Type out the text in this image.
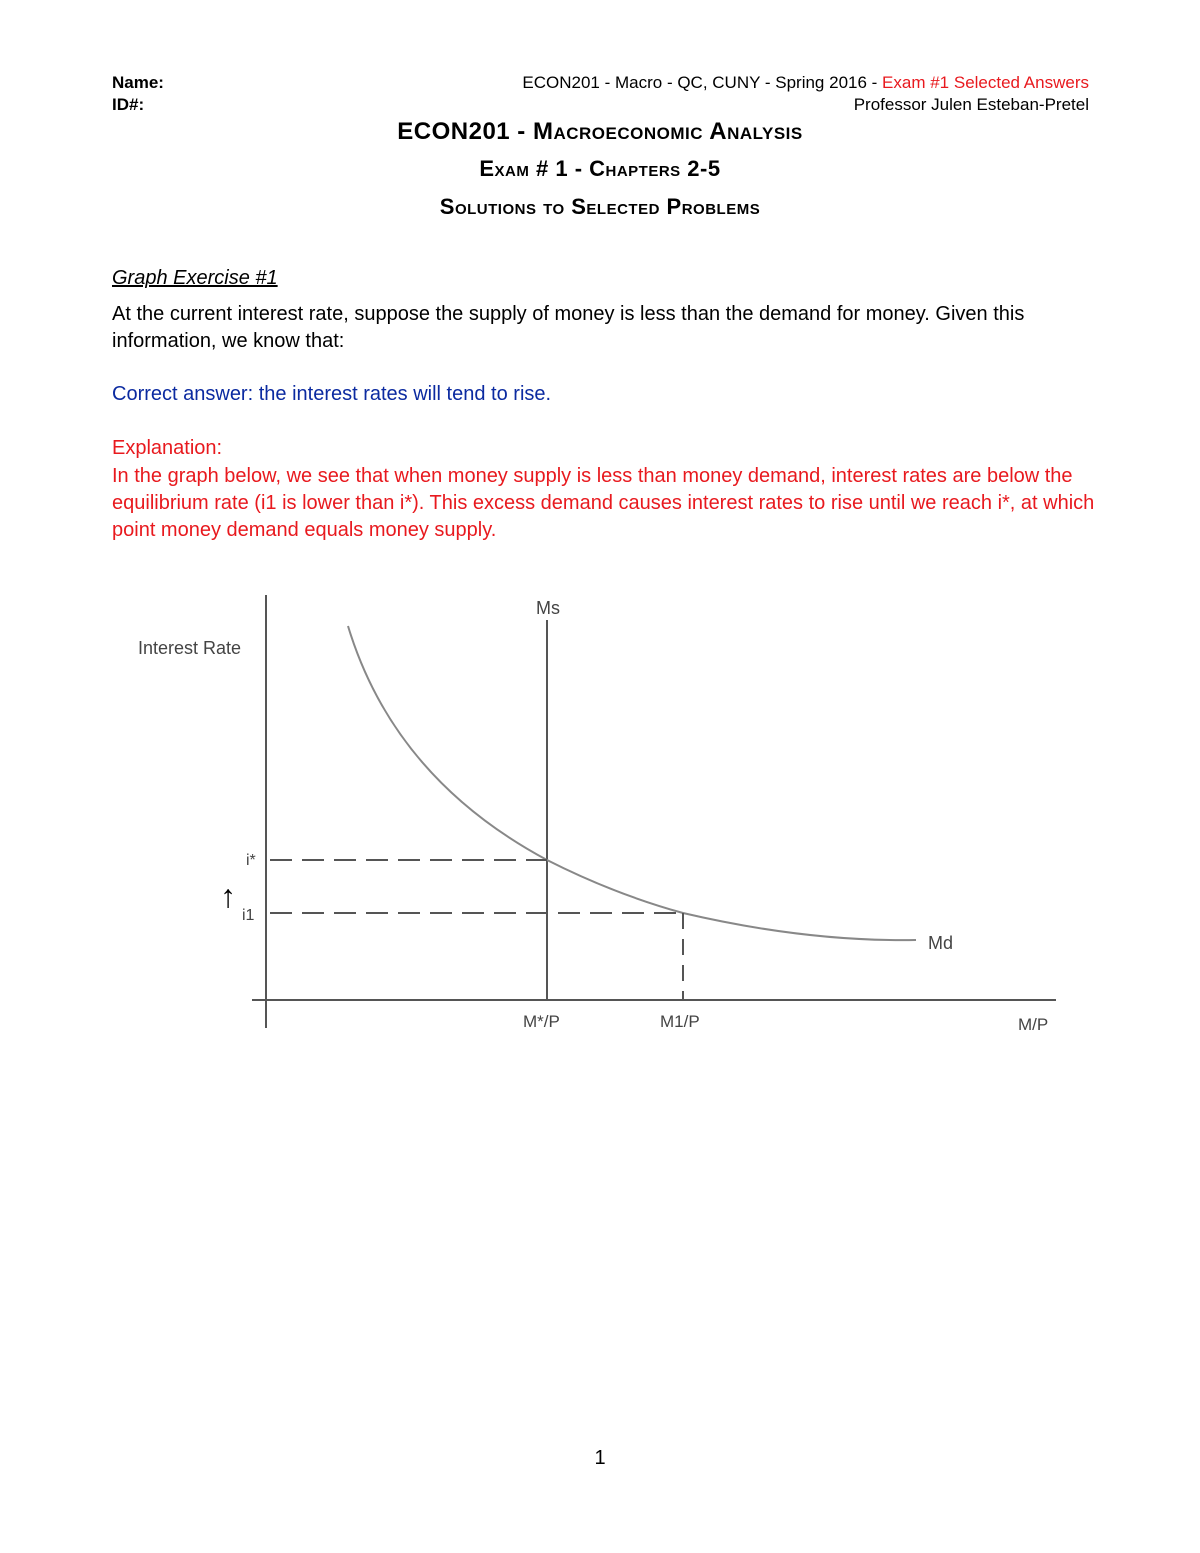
Name:
ID#:
ECON201 - Macro - QC, CUNY - Spring 2016 - Exam #1 Selected Answers
Professor Julen Esteban-Pretel
ECON201 - Macroeconomic Analysis
Exam # 1 - Chapters 2-5
Solutions to Selected Problems
Graph Exercise #1
At the current interest rate, suppose the supply of money is less than the demand for money. Given this information, we know that:
Correct answer: the interest rates will tend to rise.
Explanation:
In the graph below, we see that when money supply is less than money demand, interest rates are below the equilibrium rate (i1 is lower than i*). This excess demand causes interest rates to rise until we reach i*, at which point money demand equals money supply.
Interest Rate
Ms
Md
i*
i1
↑
M*/P	M1/P	M/P
1
